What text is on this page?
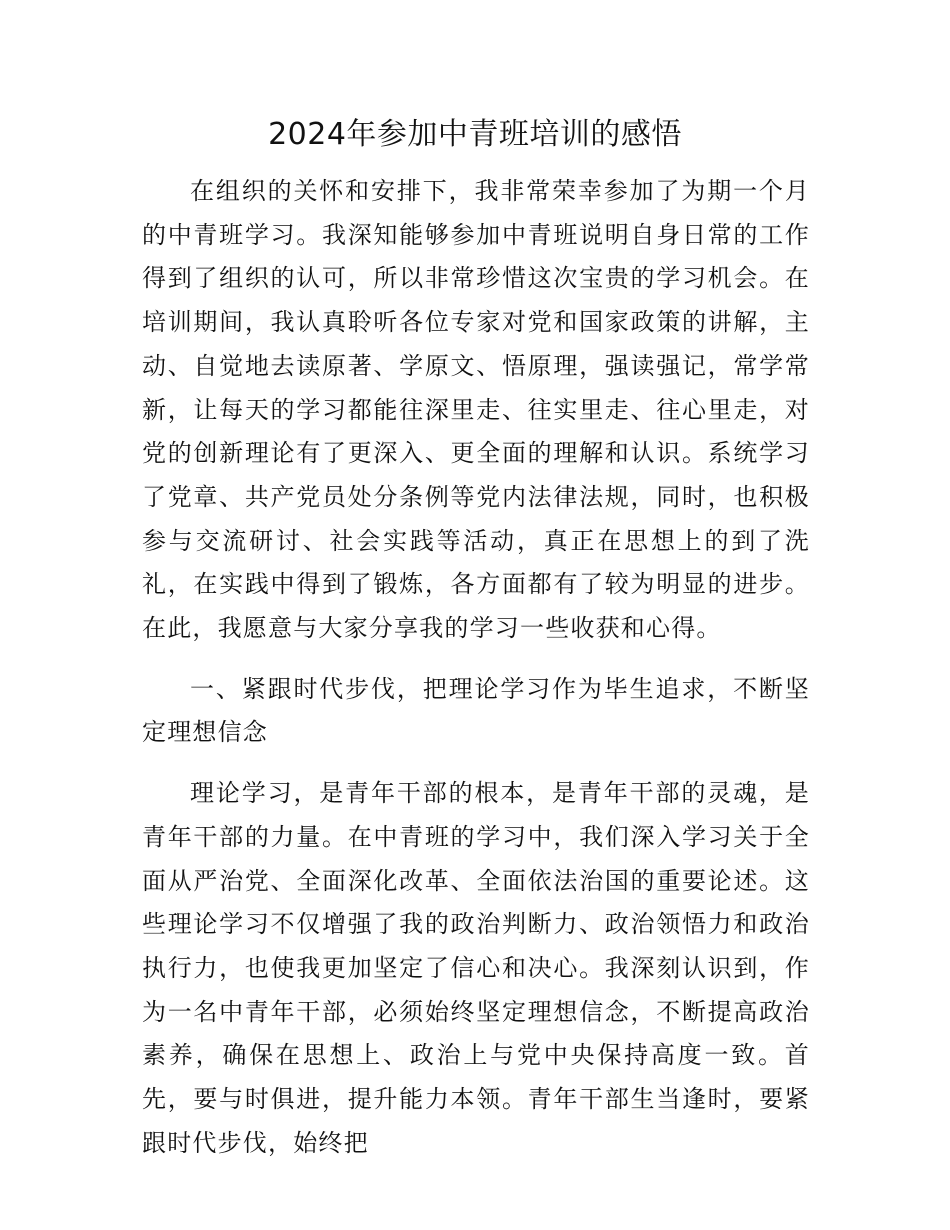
2024年参加中青班培训的感悟

在组织的关怀和安排下，我非常荣幸参加了为期一个月的中青班学习。我深知能够参加中青班说明自身日常的工作得到了组织的认可，所以非常珍惜这次宝贵的学习机会。在培训期间，我认真聆听各位专家对党和国家政策的讲解，主动、自觉地去读原著、学原文、悟原理，强读强记，常学常新，让每天的学习都能往深里走、往实里走、往心里走，对党的创新理论有了更深入、更全面的理解和认识。系统学习了党章、共产党员处分条例等党内法律法规，同时，也积极参与交流研讨、社会实践等活动，真正在思想上的到了洗礼，在实践中得到了锻炼，各方面都有了较为明显的进步。在此，我愿意与大家分享我的学习一些收获和心得。

一、紧跟时代步伐，把理论学习作为毕生追求，不断坚定理想信念

理论学习，是青年干部的根本，是青年干部的灵魂，是青年干部的力量。在中青班的学习中，我们深入学习关于全面从严治党、全面深化改革、全面依法治国的重要论述。这些理论学习不仅增强了我的政治判断力、政治领悟力和政治执行力，也使我更加坚定了信心和决心。我深刻认识到，作为一名中青年干部，必须始终坚定理想信念，不断提高政治素养，确保在思想上、政治上与党中央保持高度一致。首先，要与时俱进，提升能力本领。青年干部生当逢时，要紧跟时代步伐，始终把
